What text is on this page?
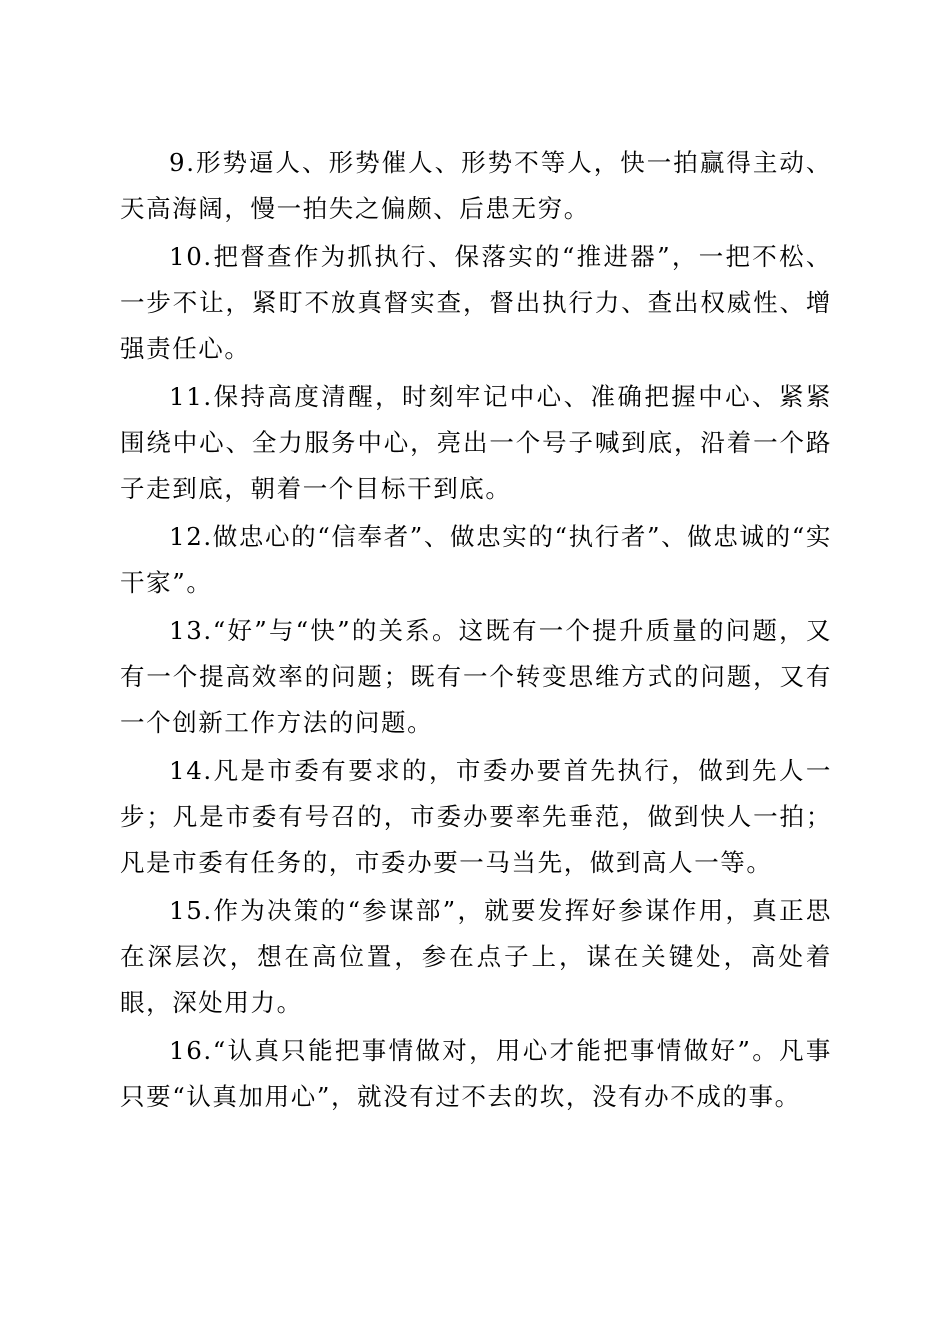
9.形势逼人、形势催人、形势不等人，快一拍赢得主动、天高海阔，慢一拍失之偏颇、后患无穷。

10.把督查作为抓执行、保落实的“推进器”，一把不松、一步不让，紧盯不放真督实查，督出执行力、查出权威性、增强责任心。

11.保持高度清醒，时刻牢记中心、准确把握中心、紧紧围绕中心、全力服务中心，亮出一个号子喊到底，沿着一个路子走到底，朝着一个目标干到底。

12.做忠心的“信奉者”、做忠实的“执行者”、做忠诚的“实干家”。

13.“好”与“快”的关系。这既有一个提升质量的问题，又有一个提高效率的问题；既有一个转变思维方式的问题，又有一个创新工作方法的问题。

14.凡是市委有要求的，市委办要首先执行，做到先人一步；凡是市委有号召的，市委办要率先垂范，做到快人一拍；凡是市委有任务的，市委办要一马当先，做到高人一等。

15.作为决策的“参谋部”，就要发挥好参谋作用，真正思在深层次，想在高位置，参在点子上，谋在关键处，高处着眼，深处用力。

16.“认真只能把事情做对，用心才能把事情做好”。凡事只要“认真加用心”，就没有过不去的坎，没有办不成的事。
